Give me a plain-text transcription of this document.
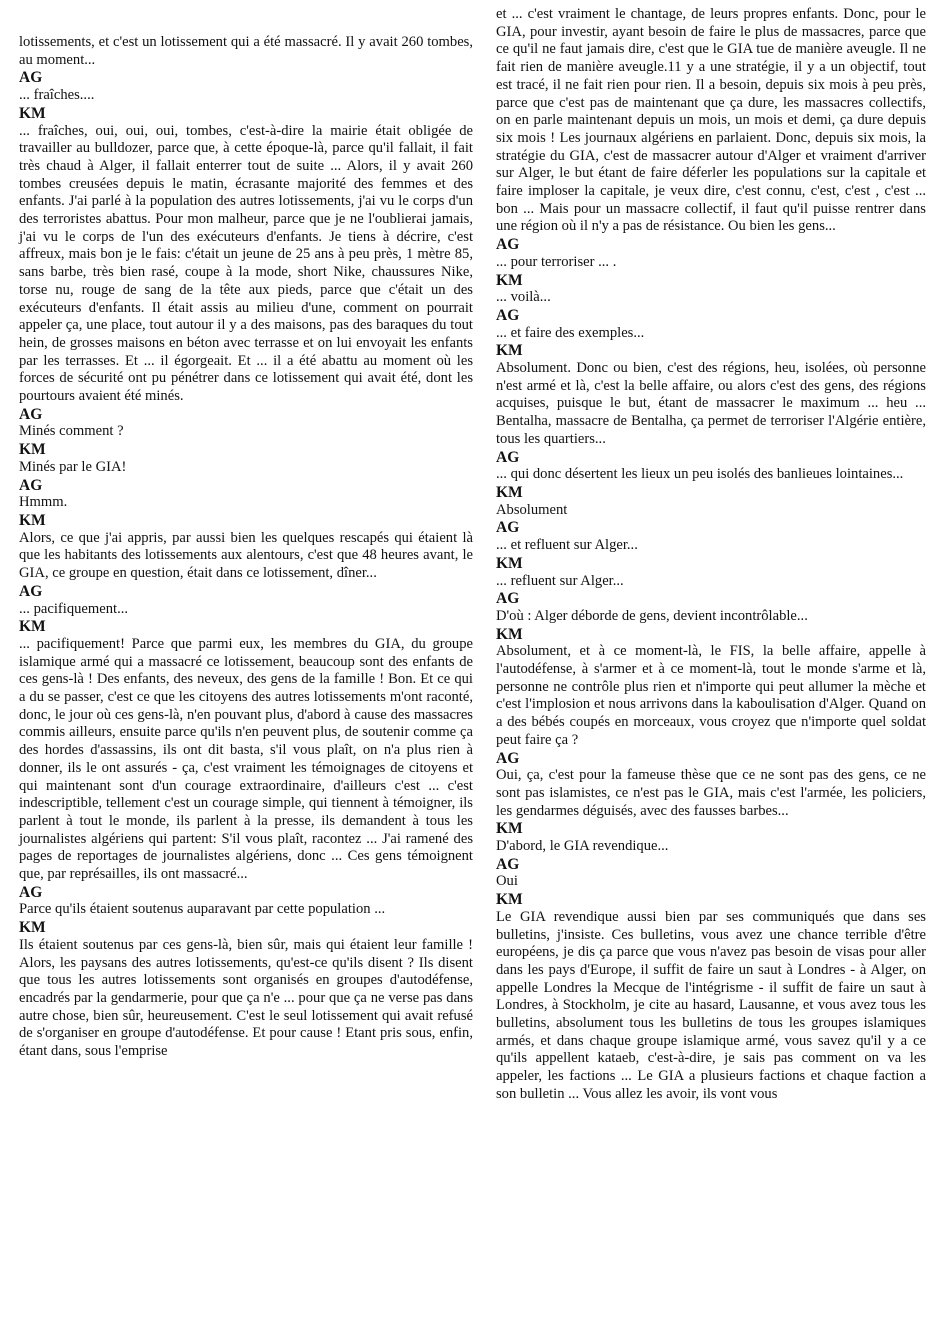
lotissements, et c'est un lotissement qui a été massacré. Il y avait 260 tombes, au moment...
AG
... fraîches....
KM
... fraîches, oui, oui, oui, tombes, c'est-à-dire la mairie était obligée de travailler au bulldozer, parce que, à cette époque-là, parce qu'il fallait, il fait très chaud à Alger, il fallait enterrer tout de suite ... Alors, il y avait 260 tombes creusées depuis le matin, écrasante majorité des femmes et des enfants. J'ai parlé à la population des autres lotissements, j'ai vu le corps d'un des terroristes abattus. Pour mon malheur, parce que je ne l'oublierai jamais, j'ai vu le corps de l'un des exécuteurs d'enfants. Je tiens à décrire, c'est affreux, mais bon je le fais: c'était un jeune de 25 ans à peu près, 1 mètre 85, sans barbe, très bien rasé, coupe à la mode, short Nike, chaussures Nike, torse nu, rouge de sang de la tête aux pieds, parce que c'était un des exécuteurs d'enfants. Il était assis au milieu d'une, comment on pourrait appeler ça, une place, tout autour il y a des maisons, pas des baraques du tout hein, de grosses maisons en béton avec terrasse et on lui envoyait les enfants par les terrasses. Et ... il égorgeait. Et ... il a été abattu au moment où les forces de sécurité ont pu pénétrer dans ce lotissement qui avait été, dont les pourtours avaient été minés.
AG
Minés comment ?
KM
Minés par le GIA!
AG
Hmmm.
KM
Alors, ce que j'ai appris, par aussi bien les quelques rescapés qui étaient là que les habitants des lotissements aux alentours, c'est que 48 heures avant, le GIA, ce groupe en question, était dans ce lotissement, dîner...
AG
... pacifiquement...
KM
... pacifiquement! Parce que parmi eux, les membres du GIA, du groupe islamique armé qui a massacré ce lotissement, beaucoup sont des enfants de ces gens-là ! Des enfants, des neveux, des gens de la famille ! Bon. Et ce qui a du se passer, c'est ce que les citoyens des autres lotissements m'ont raconté, donc, le jour où ces gens-là, n'en pouvant plus, d'abord à cause des massacres commis ailleurs, ensuite parce qu'ils n'en peuvent plus, de soutenir comme ça des hordes d'assassins, ils ont dit basta, s'il vous plaît, on n'a plus rien à donner, ils le ont assurés - ça, c'est vraiment les témoignages de citoyens et qui maintenant sont d'un courage extraordinaire, d'ailleurs c'est ... c'est indescriptible, tellement c'est un courage simple, qui tiennent à témoigner, ils parlent à tout le monde, ils parlent à la presse, ils demandent à tous les journalistes algériens qui partent: S'il vous plaît, racontez ... J'ai ramené des pages de reportages de journalistes algériens, donc ... Ces gens témoignent que, par représailles, ils ont massacré...
AG
Parce qu'ils étaient soutenus auparavant par cette population ...
KM
Ils étaient soutenus par ces gens-là, bien sûr, mais qui étaient leur famille ! Alors, les paysans des autres lotissements, qu'est-ce qu'ils disent ? Ils disent que tous les autres lotissements sont organisés en groupes d'autodéfense, encadrés par la gendarmerie, pour que ça n'e ... pour que ça ne verse pas dans autre chose, bien sûr, heureusement. C'est le seul lotissement qui avait refusé de s'organiser en groupe d'autodéfense. Et pour cause ! Etant pris sous, enfin, étant dans, sous l'emprise
et ... c'est vraiment le chantage, de leurs propres enfants. Donc, pour le GIA, pour investir, ayant besoin de faire le plus de massacres, parce que ce qu'il ne faut jamais dire, c'est que le GIA tue de manière aveugle. Il ne fait rien de manière aveugle.11 y a une stratégie, il y a un objectif, tout est tracé, il ne fait rien pour rien. Il a besoin, depuis six mois à peu près, parce que c'est pas de maintenant que ça dure, les massacres collectifs, on en parle maintenant depuis un mois, un mois et demi, ça dure depuis six mois ! Les journaux algériens en parlaient. Donc, depuis six mois, la stratégie du GIA, c'est de massacrer autour d'Alger et vraiment d'arriver sur Alger, le but étant de faire déferler les populations sur la capitale et faire imploser la capitale, je veux dire, c'est connu, c'est, c'est , c'est ... bon ... Mais pour un massacre collectif, il faut qu'il puisse rentrer dans une région où il n'y a pas de résistance. Ou bien les gens...
AG
... pour terroriser ... .
KM
... voilà...
AG
... et faire des exemples...
KM
Absolument. Donc ou bien, c'est des régions, heu, isolées, où personne n'est armé et là, c'est la belle affaire, ou alors c'est des gens, des régions acquises, puisque le but, étant de massacrer le maximum ... heu ... Bentalha, massacre de Bentalha, ça permet de terroriser l'Algérie entière, tous les quartiers...
AG
... qui donc désertent les lieux un peu isolés des banlieues lointaines...
KM
Absolument
AG
... et refluent sur Alger...
KM
... refluent sur Alger...
AG
D'où : Alger déborde de gens, devient incontrôlable...
KM
Absolument, et à ce moment-là, le FIS, la belle affaire, appelle à l'autodéfense, à s'armer et à ce moment-là, tout le monde s'arme et là, personne ne contrôle plus rien et n'importe qui peut allumer la mèche et c'est l'implosion et nous arrivons dans la kaboulisation d'Alger. Quand on a des bébés coupés en morceaux, vous croyez que n'importe quel soldat peut faire ça ?
AG
Oui, ça, c'est pour la fameuse thèse que ce ne sont pas des gens, ce ne sont pas islamistes, ce n'est pas le GIA, mais c'est l'armée, les policiers, les gendarmes déguisés, avec des fausses barbes...
KM
D'abord, le GIA revendique...
AG
Oui
KM
Le GIA revendique aussi bien par ses communiqués que dans ses bulletins, j'insiste. Ces bulletins, vous avez une chance terrible d'être européens, je dis ça parce que vous n'avez pas besoin de visas pour aller dans les pays d'Europe, il suffit de faire un saut à Londres - à Alger, on appelle Londres la Mecque de l'intégrisme - il suffit de faire un saut à Londres, à Stockholm, je cite au hasard, Lausanne, et vous avez tous les bulletins, absolument tous les bulletins de tous les groupes islamiques armés, et dans chaque groupe islamique armé, vous savez qu'il y a ce qu'ils appellent kataeb, c'est-à-dire, je sais pas comment on va les appeler, les factions ... Le GIA a plusieurs factions et chaque faction a son bulletin ... Vous allez les avoir, ils vont vous
